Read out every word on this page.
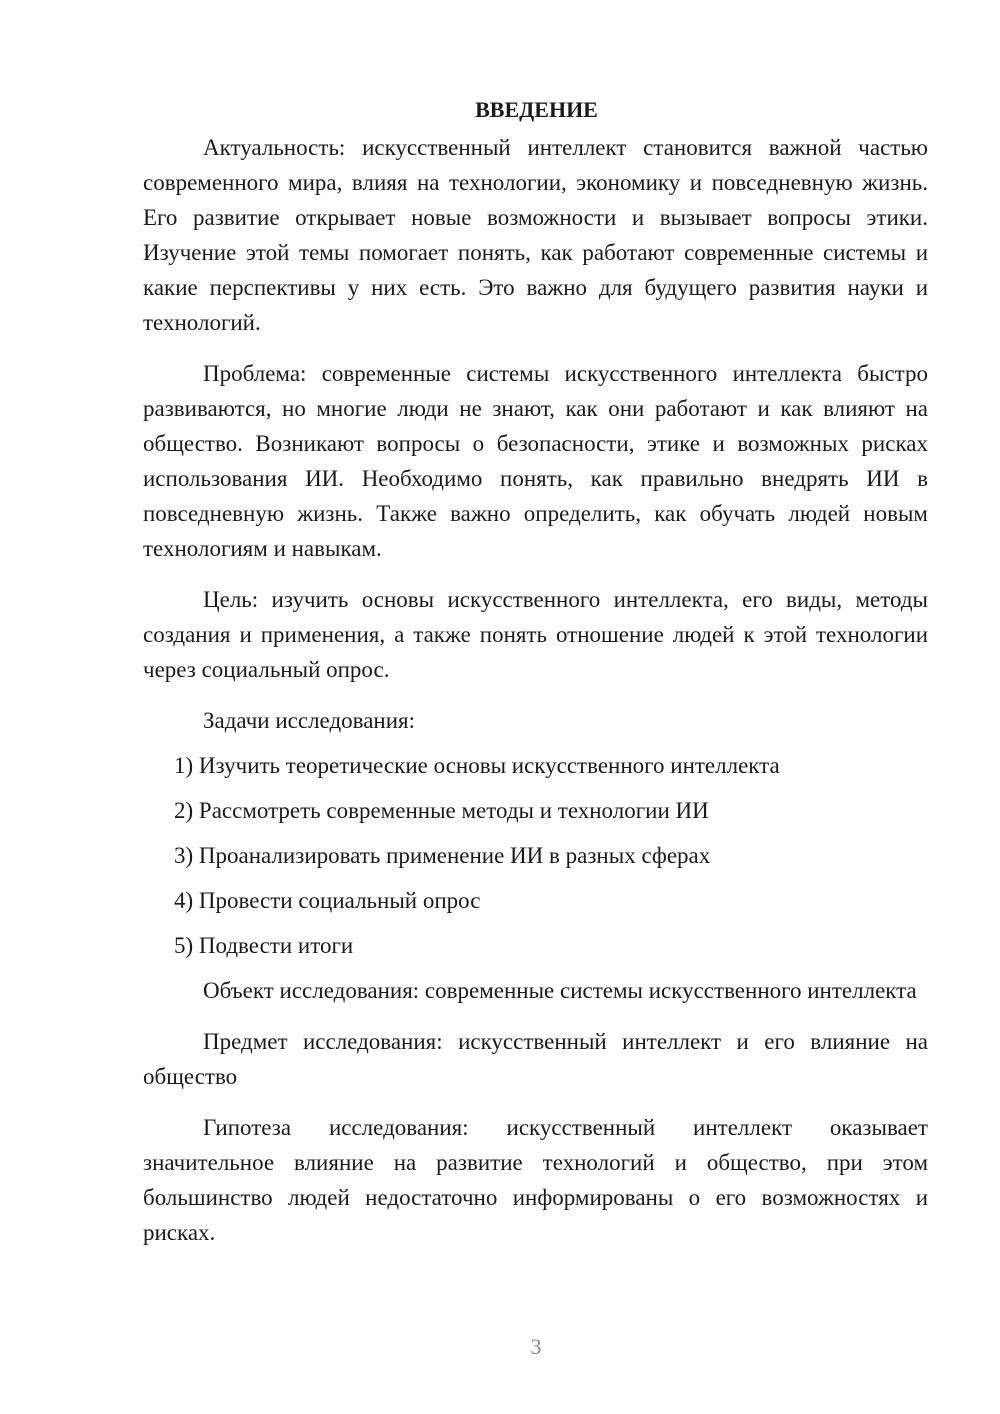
ВВЕДЕНИЕ

Актуальность: искусственный интеллект становится важной частью современного мира, влияя на технологии, экономику и повседневную жизнь. Его развитие открывает новые возможности и вызывает вопросы этики. Изучение этой темы помогает понять, как работают современные системы и какие перспективы у них есть. Это важно для будущего развития науки и технологий.

Проблема: современные системы искусственного интеллекта быстро развиваются, но многие люди не знают, как они работают и как влияют на общество. Возникают вопросы о безопасности, этике и возможных рисках использования ИИ. Необходимо понять, как правильно внедрять ИИ в повседневную жизнь. Также важно определить, как обучать людей новым технологиям и навыкам.

Цель: изучить основы искусственного интеллекта, его виды, методы создания и применения, а также понять отношение людей к этой технологии через социальный опрос.

Задачи исследования:

1) Изучить теоретические основы искусственного интеллекта
2) Рассмотреть современные методы и технологии ИИ
3) Проанализировать применение ИИ в разных сферах
4) Провести социальный опрос
5) Подвести итоги

Объект исследования: современные системы искусственного интеллекта

Предмет исследования: искусственный интеллект и его влияние на общество

Гипотеза исследования: искусственный интеллект оказывает значительное влияние на развитие технологий и общество, при этом большинство людей недостаточно информированы о его возможностях и рисках.

3
